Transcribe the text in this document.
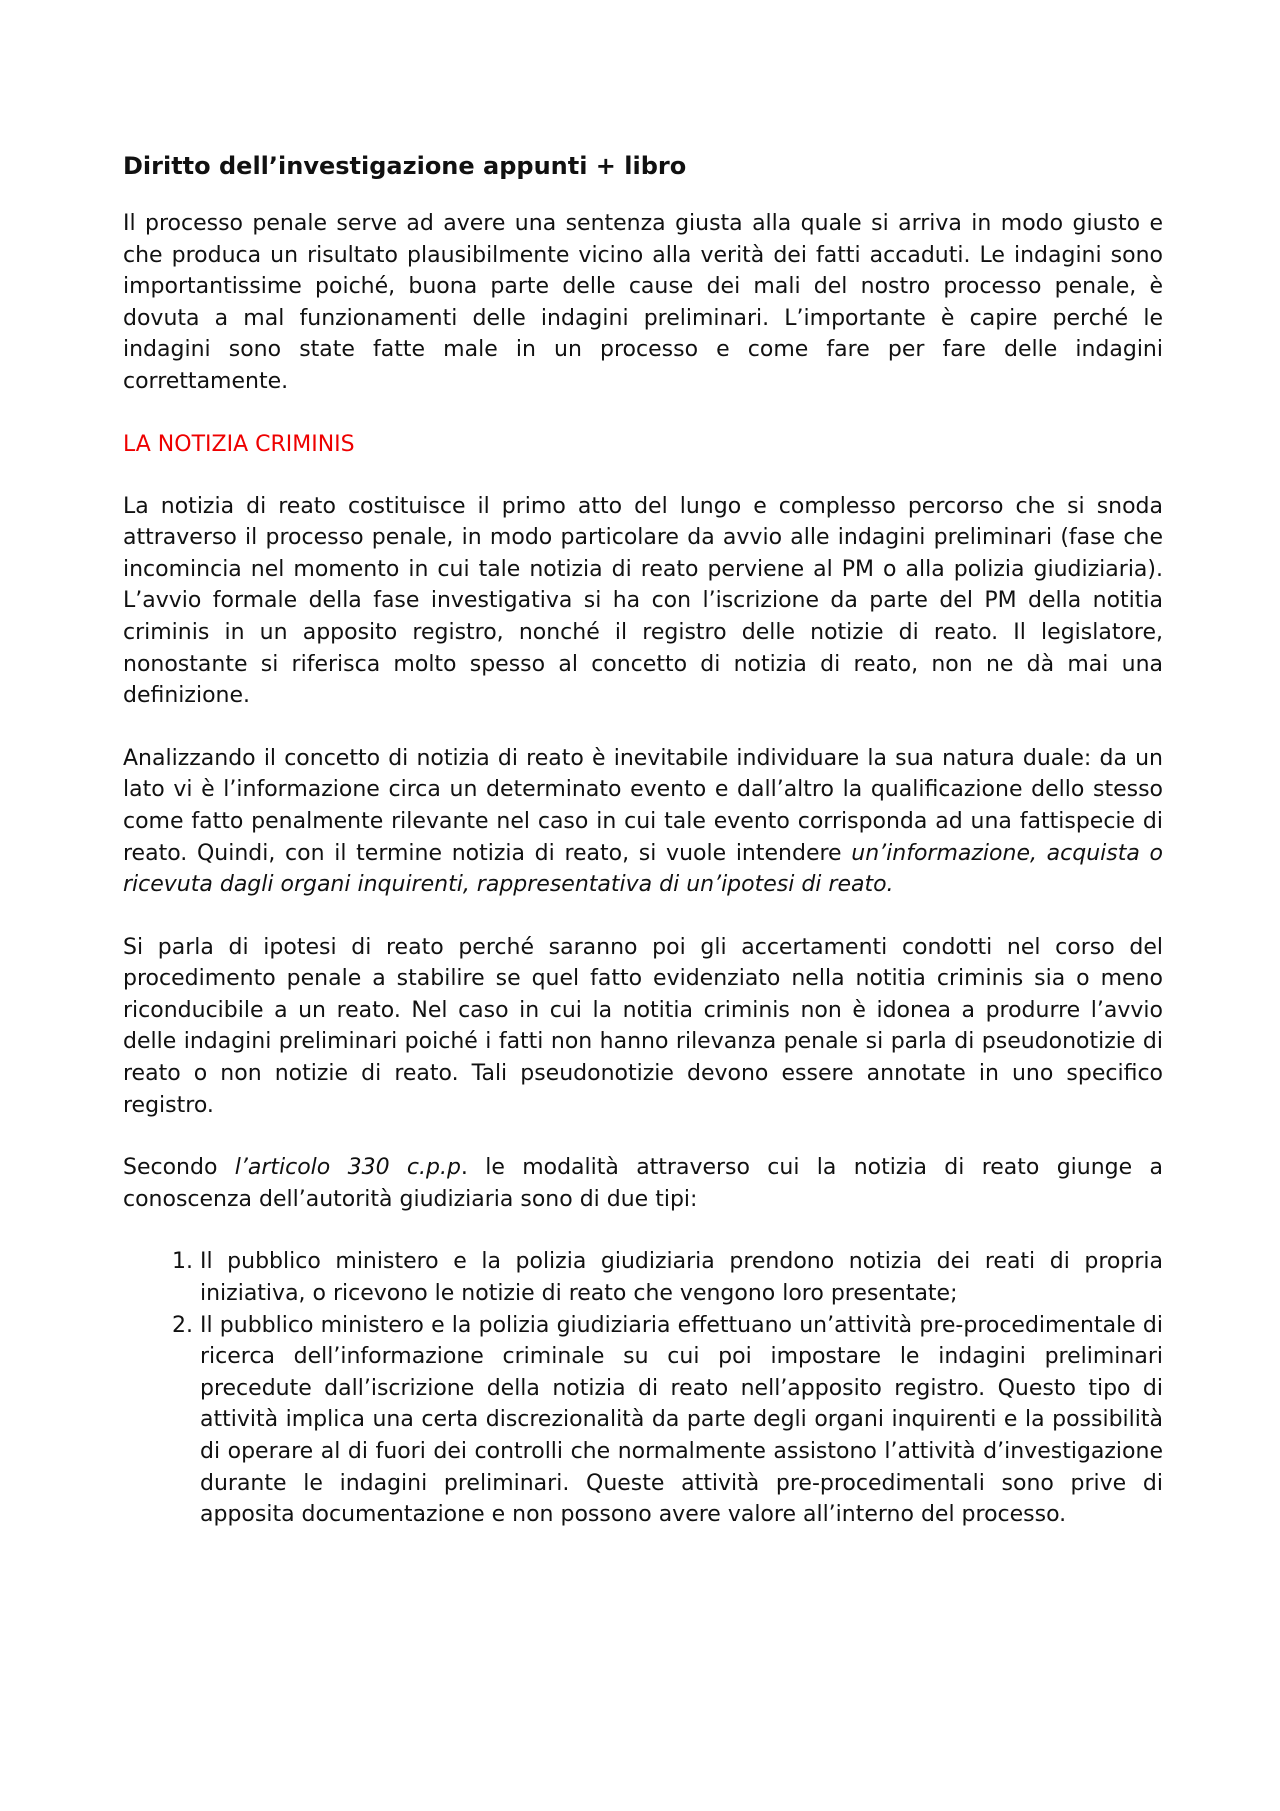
Diritto dell’investigazione appunti + libro

Il processo penale serve ad avere una sentenza giusta alla quale si arriva in modo giusto e che produca un risultato plausibilmente vicino alla verità dei fatti accaduti. Le indagini sono importantissime poiché, buona parte delle cause dei mali del nostro processo penale, è dovuta a mal funzionamenti delle indagini preliminari. L’importante è capire perché le indagini sono state fatte male in un processo e come fare per fare delle indagini correttamente.

LA NOTIZIA CRIMINIS

La notizia di reato costituisce il primo atto del lungo e complesso percorso che si snoda attraverso il processo penale, in modo particolare da avvio alle indagini preliminari (fase che incomincia nel momento in cui tale notizia di reato perviene al PM o alla polizia giudiziaria). L’avvio formale della fase investigativa si ha con l’iscrizione da parte del PM della notitia criminis in un apposito registro, nonché il registro delle notizie di reato. Il legislatore, nonostante si riferisca molto spesso al concetto di notizia di reato, non ne dà mai una definizione.

Analizzando il concetto di notizia di reato è inevitabile individuare la sua natura duale: da un lato vi è l’informazione circa un determinato evento e dall’altro la qualificazione dello stesso come fatto penalmente rilevante nel caso in cui tale evento corrisponda ad una fattispecie di reato. Quindi, con il termine notizia di reato, si vuole intendere un’informazione, acquista o ricevuta dagli organi inquirenti, rappresentativa di un’ipotesi di reato.

Si parla di ipotesi di reato perché saranno poi gli accertamenti condotti nel corso del procedimento penale a stabilire se quel fatto evidenziato nella notitia criminis sia o meno riconducibile a un reato. Nel caso in cui la notitia criminis non è idonea a produrre l’avvio delle indagini preliminari poiché i fatti non hanno rilevanza penale si parla di pseudonotizie di reato o non notizie di reato. Tali pseudonotizie devono essere annotate in uno specifico registro.

Secondo l’articolo 330 c.p.p. le modalità attraverso cui la notizia di reato giunge a conoscenza dell’autorità giudiziaria sono di due tipi:

1. Il pubblico ministero e la polizia giudiziaria prendono notizia dei reati di propria iniziativa, o ricevono le notizie di reato che vengono loro presentate;
2. Il pubblico ministero e la polizia giudiziaria effettuano un’attività pre-procedimentale di ricerca dell’informazione criminale su cui poi impostare le indagini preliminari precedute dall’iscrizione della notizia di reato nell’apposito registro. Questo tipo di attività implica una certa discrezionalità da parte degli organi inquirenti e la possibilità di operare al di fuori dei controlli che normalmente assistono l’attività d’investigazione durante le indagini preliminari. Queste attività pre-procedimentali sono prive di apposita documentazione e non possono avere valore all’interno del processo.
